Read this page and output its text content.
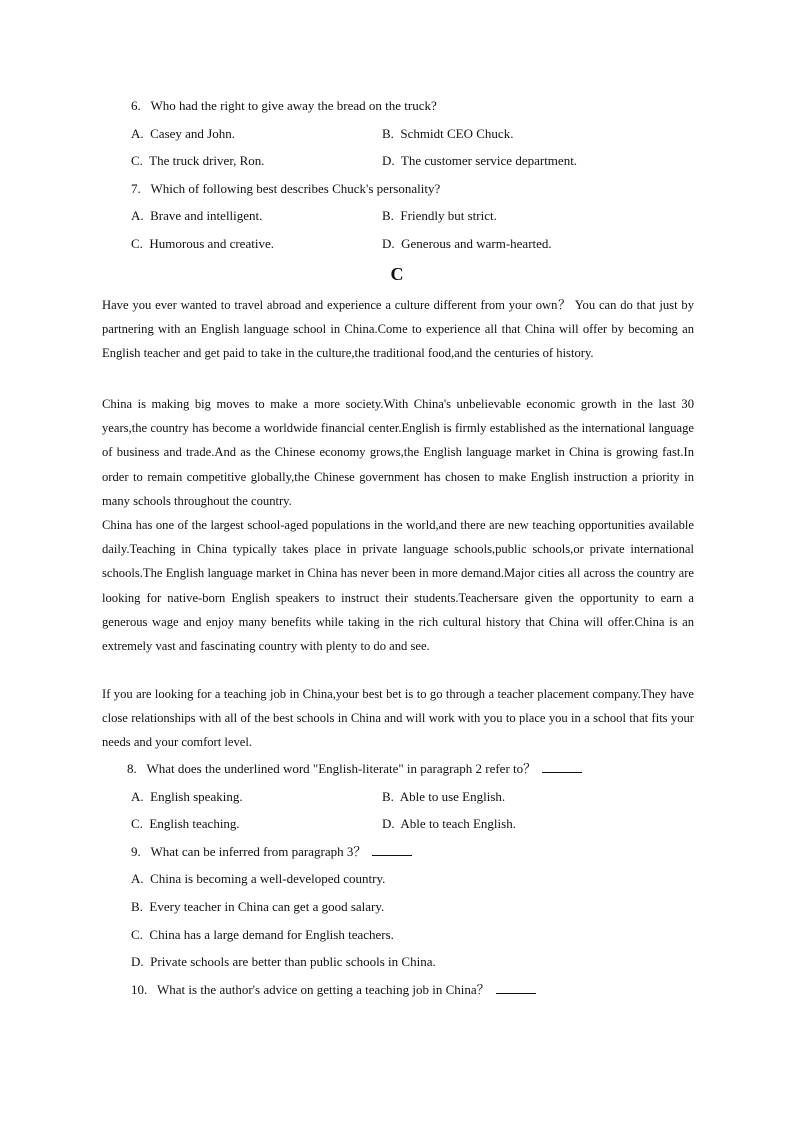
6.   Who had the right to give away the bread on the truck?
A.  Casey and John.	B.  Schmidt CEO Chuck.
C.  The truck driver, Ron.	D.  The customer service department.
7.   Which of following best describes Chuck's personality?
A.  Brave and intelligent.	B.  Friendly but strict.
C.  Humorous and creative.	D.  Generous and warm-hearted.
C
Have you ever wanted to travel abroad and experience a culture different from your own？ You can do that just by partnering with an English language school in China.Come to experience all that China will offer by becoming an English teacher and get paid to take in the culture,the traditional food,and the centuries of history.
China is making big moves to make a more society.With China's unbelievable economic growth in the last 30 years,the country has become a worldwide financial center.English is firmly established as the international language of business and trade.And as the Chinese economy grows,the English language market in China is growing fast.In order to remain competitive globally,the Chinese government has chosen to make English instruction a priority in many schools throughout the country.
China has one of the largest school-aged populations in the world,and there are new teaching opportunities available daily.Teaching in China typically takes place in private language schools,public schools,or private international schools.The English language market in China has never been in more demand.Major cities all across the country are looking for native-born English speakers to instruct their students.Teachersare given the opportunity to earn a generous wage and enjoy many benefits while taking in the rich cultural history that China will offer.China is an extremely vast and fascinating country with plenty to do and see.
If you are looking for a teaching job in China,your best bet is to go through a teacher placement company.They have close relationships with all of the best schools in China and will work with you to place you in a school that fits your needs and your comfort level.
8.   What does the underlined word "English-literate" in paragraph 2 refer to？
A.  English speaking.	B.  Able to use English.
C.  English teaching.	D.  Able to teach English.
9.   What can be inferred from paragraph 3？
A.  China is becoming a well-developed country.
B.  Every teacher in China can get a good salary.
C.  China has a large demand for English teachers.
D.  Private schools are better than public schools in China.
10.   What is the author's advice on getting a teaching job in China？
